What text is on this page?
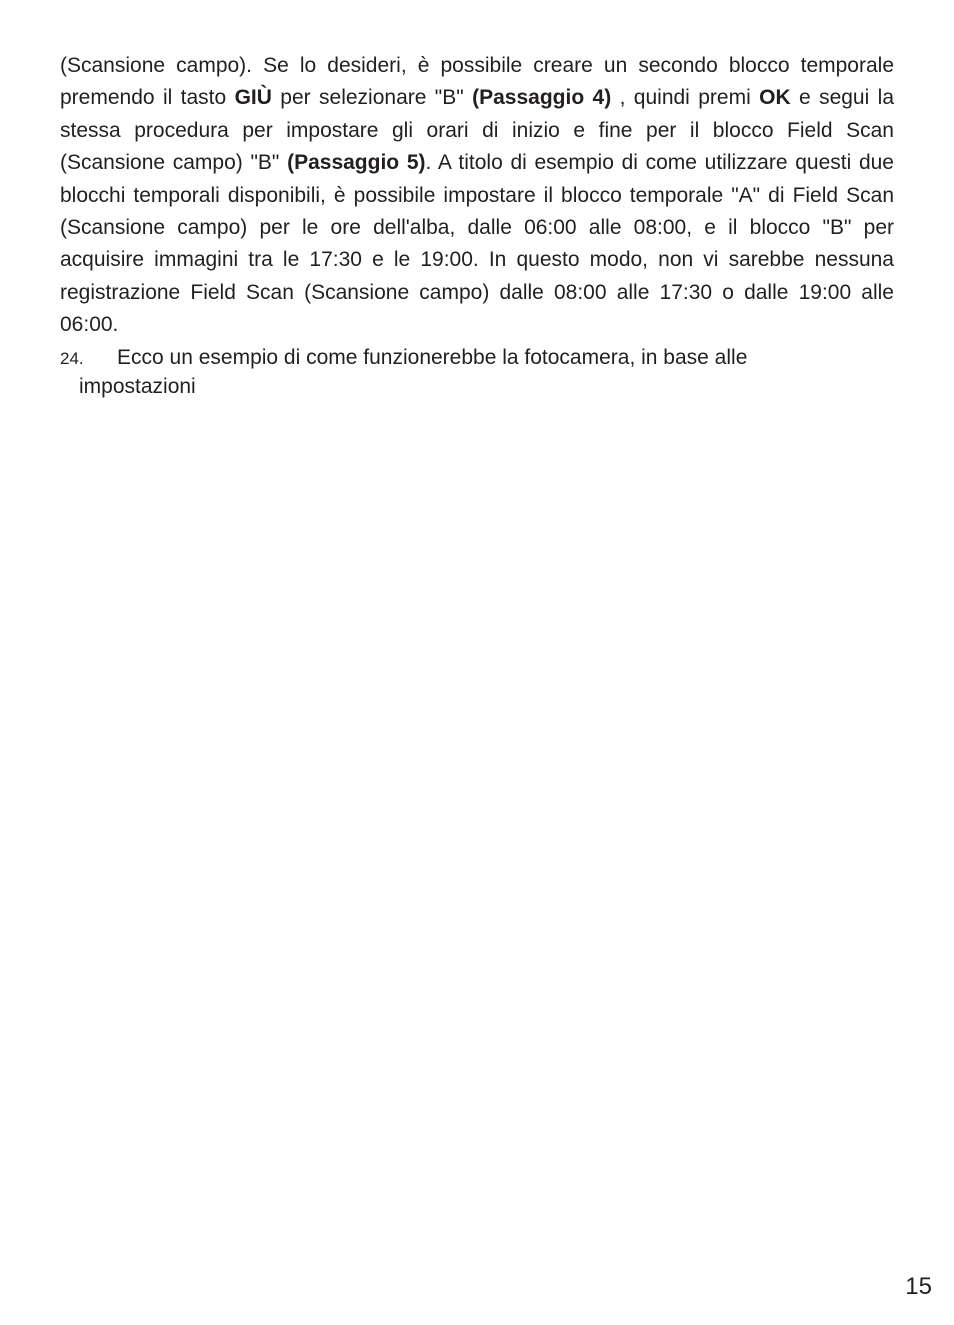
(Scansione campo). Se lo desideri, è possibile creare un secondo blocco temporale premendo il tasto GIÙ per selezionare "B" (Passaggio 4) , quindi premi OK e segui la stessa procedura per impostare gli orari di inizio e fine per il blocco Field Scan (Scansione campo) "B" (Passaggio 5). A titolo di esempio di come utilizzare questi due blocchi temporali disponibili, è possibile impostare il blocco temporale "A" di Field Scan (Scansione campo) per le ore dell'alba, dalle 06:00 alle 08:00, e il blocco "B" per acquisire immagini tra le 17:30 e le 19:00. In questo modo, non vi sarebbe nessuna registrazione Field Scan (Scansione campo) dalle 08:00 alle 17:30 o dalle 19:00 alle 06:00.

24. Ecco un esempio di come funzionerebbe la fotocamera, in base alle
impostazioni
15
